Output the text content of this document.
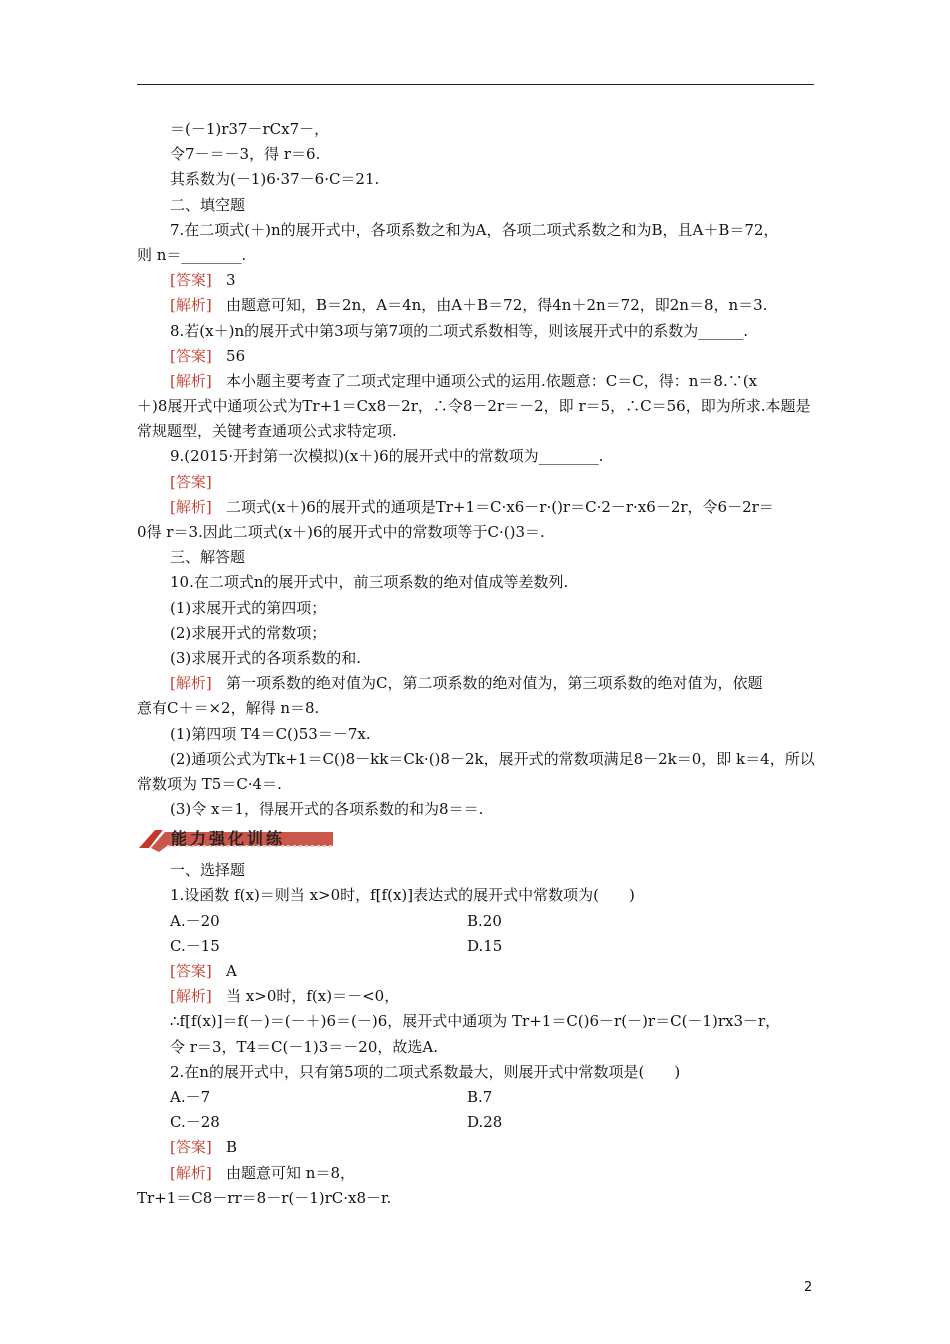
＝(－1)r37－rCx7－，
令7－＝－3，得 r＝6.
其系数为(－1)6·37－6·C＝21.
二、填空题
7.在二项式(＋)n的展开式中，各项系数之和为A，各项二项式系数之和为B，且A＋B＝72，
则 n＝________.
[答案] 3
[解析] 由题意可知，B＝2n，A＝4n，由A＋B＝72，得4n＋2n＝72，即2n＝8，n＝3.
8.若(x＋)n的展开式中第3项与第7项的二项式系数相等，则该展开式中的系数为______.
[答案] 56
[解析] 本小题主要考查了二项式定理中通项公式的运用.依题意：C＝C，得：n＝8.∵(x
＋)8展开式中通项公式为Tr+1＝Cx8－2r，∴令8－2r＝－2，即 r＝5，∴C＝56，即为所求.本题是
常规题型，关键考查通项公式求特定项.
9.(2015·开封第一次模拟)(x＋)6的展开式中的常数项为________.
[答案]
[解析] 二项式(x＋)6的展开式的通项是Tr+1＝C·x6－r·()r＝C·2－r·x6－2r，令6－2r＝
0得 r＝3.因此二项式(x＋)6的展开式中的常数项等于C·()3＝.
三、解答题
10.在二项式n的展开式中，前三项系数的绝对值成等差数列.
(1)求展开式的第四项；
(2)求展开式的常数项；
(3)求展开式的各项系数的和.
[解析] 第一项系数的绝对值为C，第二项系数的绝对值为，第三项系数的绝对值为，依题
意有C＋＝×2，解得 n＝8.
(1)第四项 T4＝C()53＝－7x.
(2)通项公式为Tk+1＝C()8－kk＝Ck·()8－2k，展开式的常数项满足8－2k＝0，即 k＝4，所以
常数项为 T5＝C·4＝.
(3)令 x＝1，得展开式的各项系数的和为8＝＝.
能力强化训练
一、选择题
1.设函数 f(x)＝则当 x>0时，f[f(x)]表达式的展开式中常数项为(　　)
A.－20	B.20
C.－15	D.15
[答案] A
[解析] 当 x>0时，f(x)＝－<0，
∴f[f(x)]＝f(－)＝(－＋)6＝(－)6，展开式中通项为 Tr+1＝C()6－r(－)r＝C(－1)rx3－r，
令 r＝3，T4＝C(－1)3＝－20，故选A.
2.在n的展开式中，只有第5项的二项式系数最大，则展开式中常数项是(　　)
A.－7	B.7
C.－28	D.28
[答案] B
[解析] 由题意可知 n＝8，
Tr+1＝C8－rr＝8－r(－1)rC·x8－r.
2
